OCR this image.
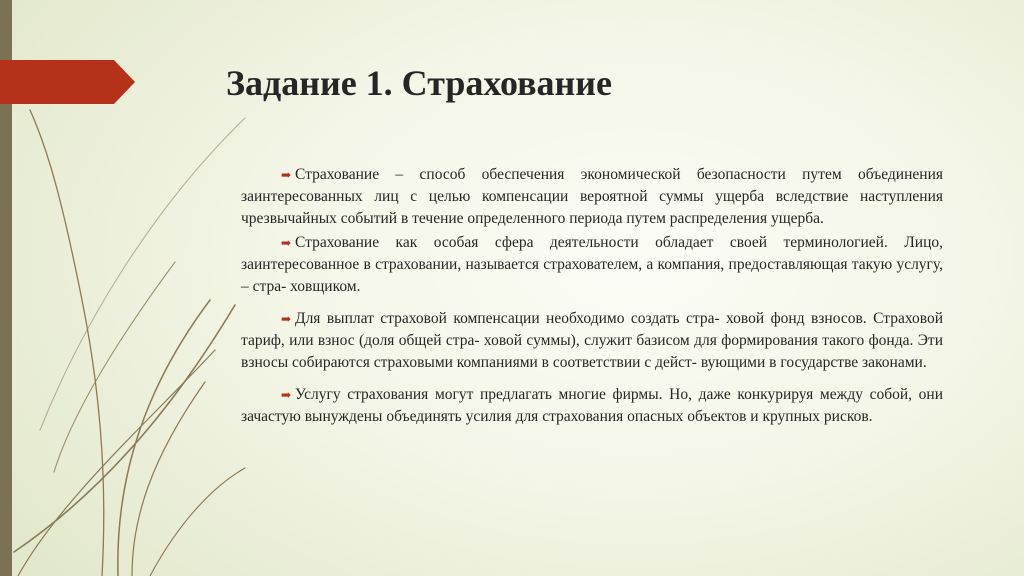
Задание 1. Страхование

➡ Страхование – способ обеспечения экономической безопасности путем объединения заинтересованных лиц с целью компенсации вероятной суммы ущерба вследствие наступления чрезвычайных событий в течение определенного периода путем распределения ущерба.

➡ Страхование как особая сфера деятельности обладает своей терминологией. Лицо, заинтересованное в страховании, называется страхователем, а компания, предоставляющая такую услугу, – стра- ховщиком.

➡ Для выплат страховой компенсации необходимо создать стра- ховой фонд взносов. Страховой тариф, или взнос (доля общей стра- ховой суммы), служит базисом для формирования такого фонда. Эти взносы собираются страховыми компаниями в соответствии с дейст- вующими в государстве законами.

➡ Услугу страхования могут предлагать многие фирмы. Но, даже конкурируя между собой, они зачастую вынуждены объединять усилия для страхования опасных объектов и крупных рисков.
